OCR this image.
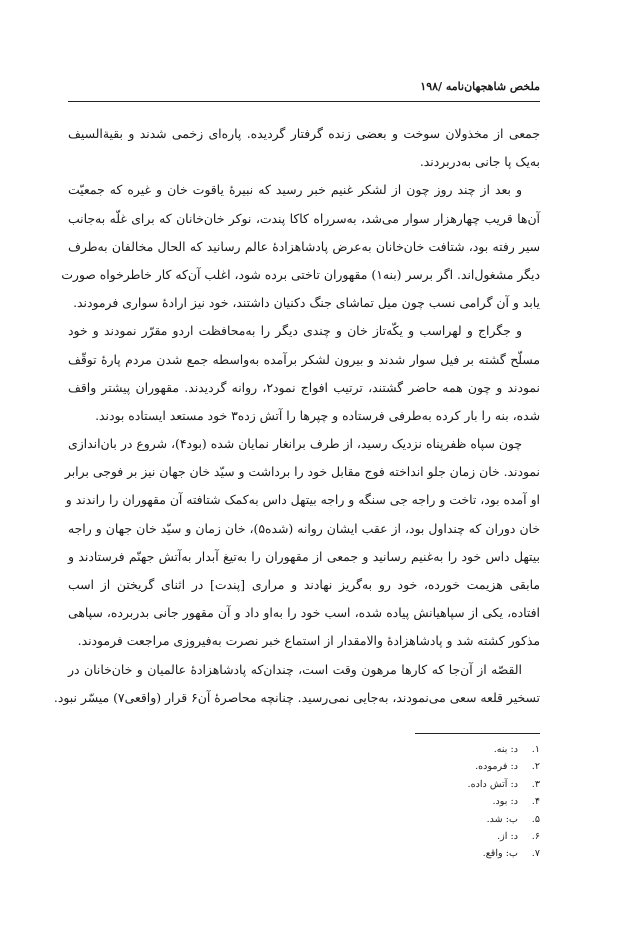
ملخص شاهجهان‌نامه /۱۹۸
جمعی از مخذولان سوخت و بعضی زنده گرفتار گردیده. پاره‌ای زخمی شدند و بقیةالسیف
به‌یک پا جانی به‌دربردند.
و بعد از چند روز چون از لشکر غنیم خبر رسید که نبیرهٔ یاقوت خان و غیره که جمعیّت
آن‌ها قریب چهارهزار سوار می‌شد، به‌سرراه کاکا پندت، نوکر خان‌خانان که برای غلّه به‌جانب
سیر رفته بود، شتافت خان‌خانان به‌عرض پادشاهزادهٔ عالم رسانید که الحال مخالفان به‌طرف
دیگر مشغول‌اند. اگر برسر (بنه۱) مقهوران تاختی برده شود، اغلب آن‌که کار خاطرخواه صورت
یابد و آن گرامی نسب چون میل تماشای جنگ دکنیان داشتند، خود نیز ارادهٔ سواری فرمودند.
و جگراج و لهراسب و یکّه‌تاز خان و چندی دیگر را به‌محافظت اردو مقرّر نمودند و خود
مسلّح گشته بر فیل سوار شدند و بیرون لشکر برآمده به‌واسطه جمع شدن مردم پارهٔ توقّف
نمودند و چون همه حاضر گشتند، ترتیب افواج نمود۲، روانه گردیدند. مقهوران پیشتر واقف
شده، بنه را بار کرده به‌طرفی فرستاده و چپرها را آتش زده۳ خود مستعد ایستاده بودند.
چون سپاه ظفرپناه نزدیک رسید، از طرف برانغار نمایان شده (بود۴)، شروع در بان‌اندازی
نمودند. خان زمان جلو انداخته فوج مقابل خود را برداشت و سیّد خان جهان نیز بر فوجی برابر
او آمده بود، تاخت و راجه جی سنگه و راجه بیتهل داس به‌کمک شتافته آن مقهوران را راندند و
خان دوران که چنداول بود، از عقب ایشان روانه (شده۵)، خان زمان و سیّد خان جهان و راجه
بیتهل داس خود را به‌غنیم رسانید و جمعی از مقهوران را به‌تیغ آبدار به‌آتش جهنّم فرستادند و
مابقی هزیمت خورده، خود رو به‌گریز نهادند و مراری [پندت] در اثنای گریختن از اسب
افتاده، یکی از سپاهیانش پیاده شده، اسب خود را به‌او داد و آن مقهور جانی بدربرده، سپاهی
مذکور کشته شد و پادشاهزادهٔ والامقدار از استماع خبر نصرت به‌فیروزی مراجعت فرمودند.
القصّه از آن‌جا که کارها مرهون وقت است، چندان‌که پادشاهزادهٔ عالمیان و خان‌خانان در
تسخیر قلعه سعی می‌نمودند، به‌جایی نمی‌رسید. چنانچه محاصرهٔ آن۶ قرار (واقعی۷) میسّر نبود.
۱.د: بنه.
۲.د: فرموده.
۳.د: آتش داده.
۴.د: بود.
۵.ب: شد.
۶.د: از.
۷.ب: واقع.
